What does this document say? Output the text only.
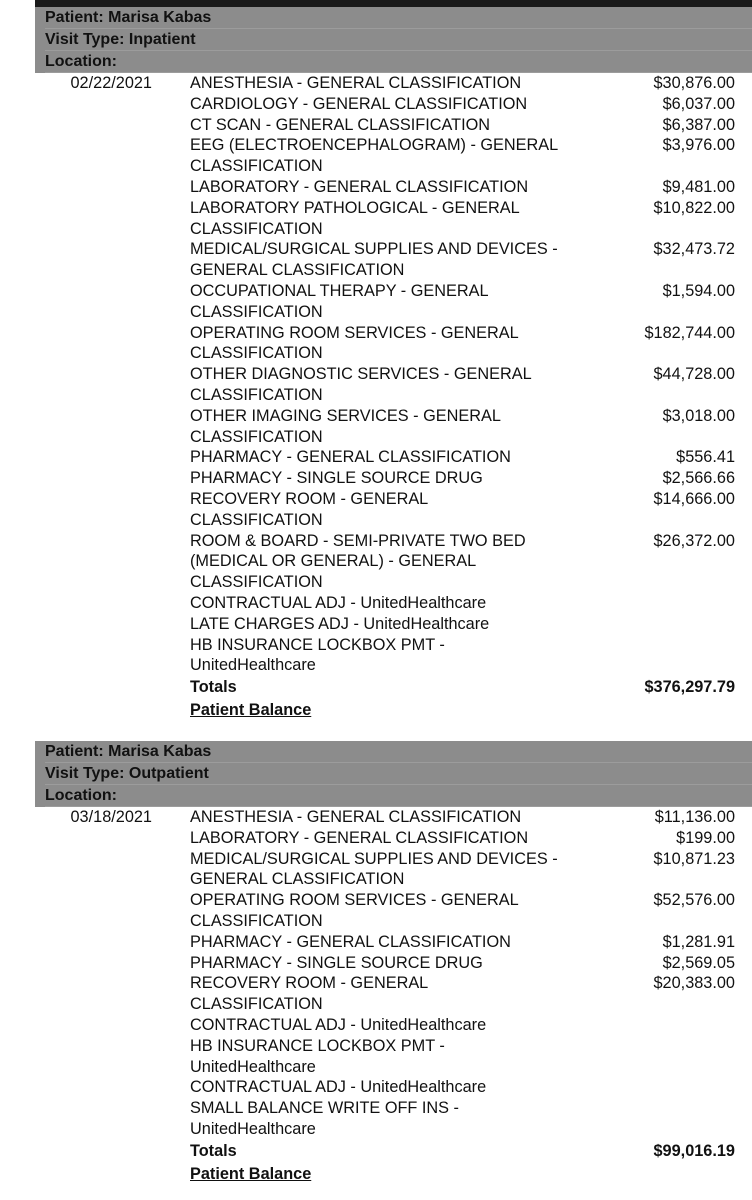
Patient: Marisa Kabas
Visit Type: Inpatient
Location:
02/22/2021 ANESTHESIA - GENERAL CLASSIFICATION	$30,876.00
CARDIOLOGY - GENERAL CLASSIFICATION	$6,037.00
CT SCAN - GENERAL CLASSIFICATION	$6,387.00
EEG (ELECTROENCEPHALOGRAM) - GENERAL
CLASSIFICATION
$3,976.00
LABORATORY - GENERAL CLASSIFICATION	$9,481.00
LABORATORY PATHOLOGICAL - GENERAL
CLASSIFICATION
$10,822.00
MEDICAL/SURGICAL SUPPLIES AND DEVICES -
GENERAL CLASSIFICATION
$32,473.72
OCCUPATIONAL THERAPY - GENERAL
CLASSIFICATION
$1,594.00
OPERATING ROOM SERVICES - GENERAL
CLASSIFICATION
$182,744.00
OTHER DIAGNOSTIC SERVICES - GENERAL
CLASSIFICATION
$44,728.00
OTHER IMAGING SERVICES - GENERAL
CLASSIFICATION
$3,018.00
PHARMACY - GENERAL CLASSIFICATION	$556.41
PHARMACY - SINGLE SOURCE DRUG	$2,566.66
RECOVERY ROOM - GENERAL
CLASSIFICATION
$14,666.00
ROOM & BOARD - SEMI-PRIVATE TWO BED
(MEDICAL OR GENERAL) - GENERAL
CLASSIFICATION
$26,372.00
CONTRACTUAL ADJ - UnitedHealthcare
LATE CHARGES ADJ - UnitedHealthcare
HB INSURANCE LOCKBOX PMT -
UnitedHealthcare
Totals	$376,297.79
Patient Balance
Patient: Marisa Kabas
Visit Type: Outpatient
Location:
03/18/2021 ANESTHESIA - GENERAL CLASSIFICATION	$11,136.00
LABORATORY - GENERAL CLASSIFICATION	$199.00
MEDICAL/SURGICAL SUPPLIES AND DEVICES -
GENERAL CLASSIFICATION
$10,871.23
OPERATING ROOM SERVICES - GENERAL
CLASSIFICATION
$52,576.00
PHARMACY - GENERAL CLASSIFICATION	$1,281.91
PHARMACY - SINGLE SOURCE DRUG	$2,569.05
RECOVERY ROOM - GENERAL
CLASSIFICATION
$20,383.00
CONTRACTUAL ADJ - UnitedHealthcare
HB INSURANCE LOCKBOX PMT -
UnitedHealthcare
CONTRACTUAL ADJ - UnitedHealthcare
SMALL BALANCE WRITE OFF INS -
UnitedHealthcare
Totals	$99,016.19
Patient Balance
